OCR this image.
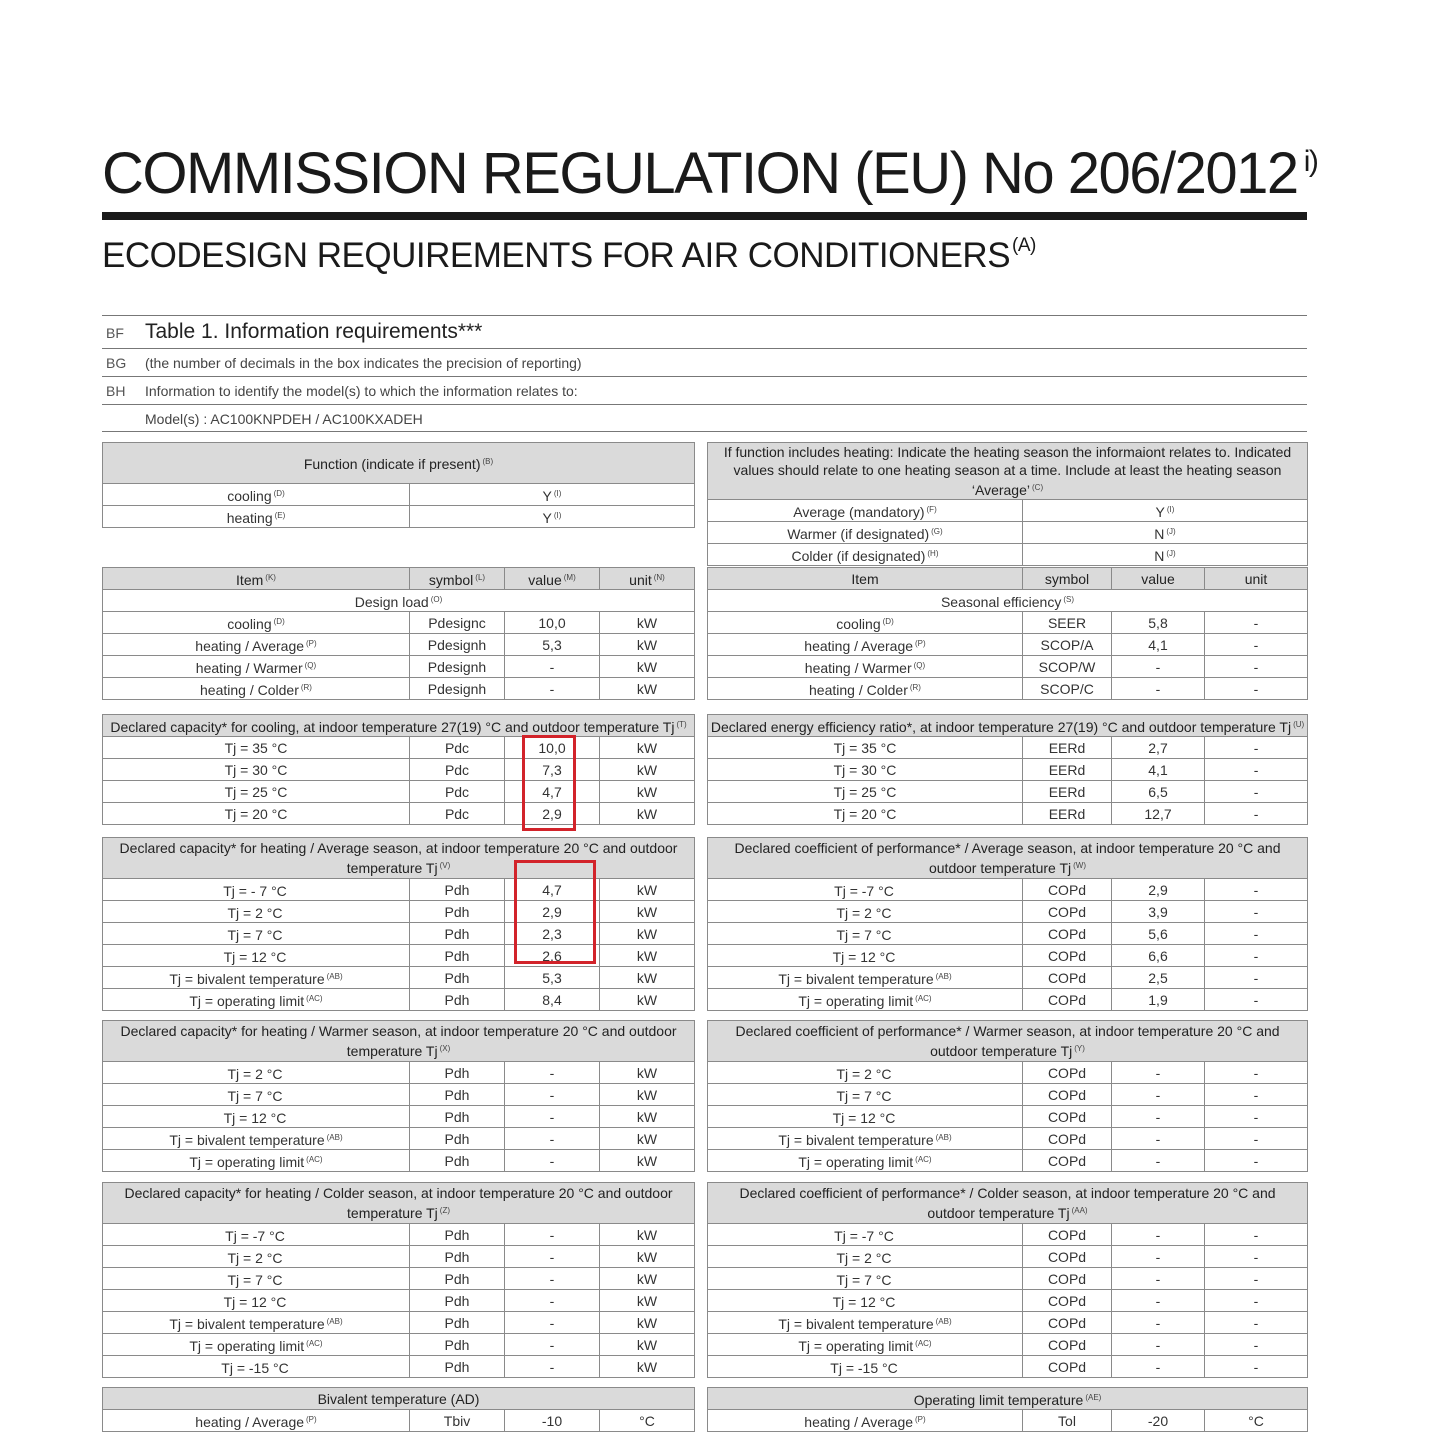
COMMISSION REGULATION (EU) No 206/2012 $^{i)}$
ECODESIGN REQUIREMENTS FOR AIR CONDITIONERS $^{(A)}$
BF Table 1. Information requirements***
BG (the number of decimals in the box indicates the precision of reporting)
BH Information to identify the model(s) to which the information relates to:
Model(s) : AC100KNPDEH / AC100KXADEH
Function (indicate if present) $^{(B)}$
cooling $^{(D)}$	Y $^{(I)}$
heating $^{(E)}$	Y $^{(I)}$
If function includes heating: Indicate the heating season the informaiont relates to. Indicated values should relate to one heating season at a time. Include at least the heating season ‘Average’ $^{(C)}$
Average (mandatory) $^{(F)}$	Y $^{(I)}$
Warmer (if designated) $^{(G)}$	N $^{(J)}$
Colder (if designated) $^{(H)}$	N $^{(J)}$
Item $^{(K)}$	symbol $^{(L)}$	value $^{(M)}$	unit $^{(N)}$
Design load $^{(O)}$
cooling $^{(D)}$	Pdesignc	10,0	kW
heating / Average $^{(P)}$	Pdesignh	5,3	kW
heating / Warmer $^{(Q)}$	Pdesignh	-	kW
heating / Colder $^{(R)}$	Pdesignh	-	kW
Item	symbol	value	unit
Seasonal efficiency $^{(S)}$
cooling $^{(D)}$	SEER	5,8	-
heating / Average $^{(P)}$	SCOP/A	4,1	-
heating / Warmer $^{(Q)}$	SCOP/W	-	-
heating / Colder $^{(R)}$	SCOP/C	-	-
Declared capacity* for cooling, at indoor temperature 27(19) °C and outdoor temperature Tj $^{(T)}$
Tj = 35 °C	Pdc	10,0	kW
Tj = 30 °C	Pdc	7,3	kW
Tj = 25 °C	Pdc	4,7	kW
Tj = 20 °C	Pdc	2,9	kW
Declared energy efficiency ratio*, at indoor temperature 27(19) °C and outdoor temperature Tj $^{(U)}$
Tj = 35 °C	EERd	2,7	-
Tj = 30 °C	EERd	4,1	-
Tj = 25 °C	EERd	6,5	-
Tj = 20 °C	EERd	12,7	-
Declared capacity* for heating / Average season, at indoor temperature 20 °C and outdoor temperature Tj $^{(V)}$
Tj = - 7 °C	Pdh	4,7	kW
Tj = 2 °C	Pdh	2,9	kW
Tj = 7 °C	Pdh	2,3	kW
Tj = 12 °C	Pdh	2,6	kW
Tj = bivalent temperature $^{(AB)}$	Pdh	5,3	kW
Tj = operating limit $^{(AC)}$	Pdh	8,4	kW
Declared coefficient of performance* / Average season, at indoor temperature 20 °C and outdoor temperature Tj $^{(W)}$
Tj = -7 °C	COPd	2,9	-
Tj = 2 °C	COPd	3,9	-
Tj = 7 °C	COPd	5,6	-
Tj = 12 °C	COPd	6,6	-
Tj = bivalent temperature $^{(AB)}$	COPd	2,5	-
Tj = operating limit $^{(AC)}$	COPd	1,9	-
Declared capacity* for heating / Warmer season, at indoor temperature 20 °C and outdoor temperature Tj $^{(X)}$
Tj = 2 °C	Pdh	-	kW
Tj = 7 °C	Pdh	-	kW
Tj = 12 °C	Pdh	-	kW
Tj = bivalent temperature $^{(AB)}$	Pdh	-	kW
Tj = operating limit $^{(AC)}$	Pdh	-	kW
Declared coefficient of performance* / Warmer season, at indoor temperature 20 °C and outdoor temperature Tj $^{(Y)}$
Tj = 2 °C	COPd	-	-
Tj = 7 °C	COPd	-	-
Tj = 12 °C	COPd	-	-
Tj = bivalent temperature $^{(AB)}$	COPd	-	-
Tj = operating limit $^{(AC)}$	COPd	-	-
Declared capacity* for heating / Colder season, at indoor temperature 20 °C and outdoor temperature Tj $^{(Z)}$
Tj = -7 °C	Pdh	-	kW
Tj = 2 °C	Pdh	-	kW
Tj = 7 °C	Pdh	-	kW
Tj = 12 °C	Pdh	-	kW
Tj = bivalent temperature $^{(AB)}$	Pdh	-	kW
Tj = operating limit $^{(AC)}$	Pdh	-	kW
Tj = -15 °C	Pdh	-	kW
Declared coefficient of performance* / Colder season, at indoor temperature 20 °C and outdoor temperature Tj $^{(AA)}$
Tj = -7 °C	COPd	-	-
Tj = 2 °C	COPd	-	-
Tj = 7 °C	COPd	-	-
Tj = 12 °C	COPd	-	-
Tj = bivalent temperature $^{(AB)}$	COPd	-	-
Tj = operating limit $^{(AC)}$	COPd	-	-
Tj = -15 °C	COPd	-	-
Bivalent temperature (AD)
heating / Average $^{(P)}$	Tbiv	-10	°C
Operating limit temperature $^{(AE)}$
heating / Average $^{(P)}$	Tol	-20	°C
